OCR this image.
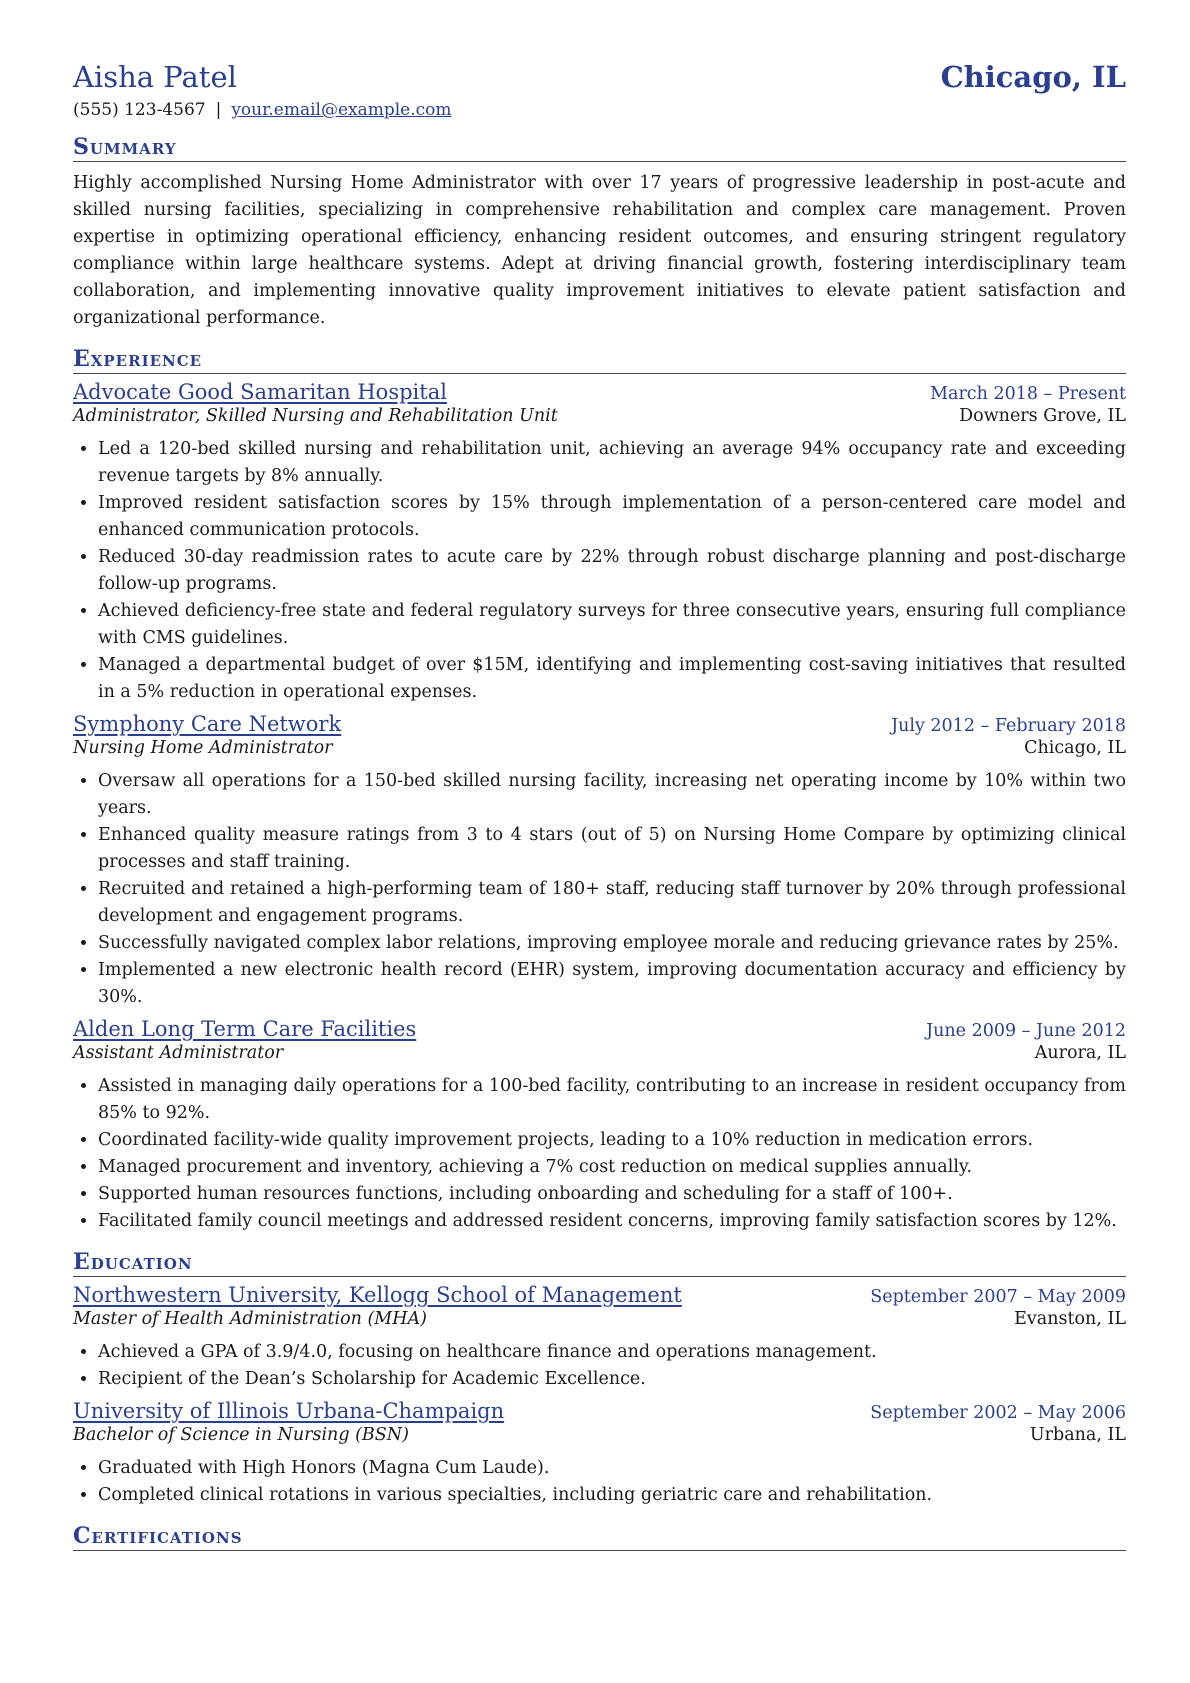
Aisha Patel	Chicago, IL
(555) 123-4567 | your.email@example.com
Summary
Highly accomplished Nursing Home Administrator with over 17 years of progressive leadership in post-acute and skilled nursing facilities, specializing in comprehensive rehabilitation and complex care management. Proven expertise in optimizing operational efficiency, enhancing resident outcomes, and ensuring stringent regulatory compliance within large healthcare systems. Adept at driving financial growth, fostering interdisciplinary team collaboration, and implementing innovative quality improvement initiatives to elevate patient satisfaction and organizational performance.
Experience
Advocate Good Samaritan Hospital	March 2018 – Present
Administrator, Skilled Nursing and Rehabilitation Unit	Downers Grove, IL
• Led a 120-bed skilled nursing and rehabilitation unit, achieving an average 94% occupancy rate and exceeding revenue targets by 8% annually.
• Improved resident satisfaction scores by 15% through implementation of a person-centered care model and enhanced communication protocols.
• Reduced 30-day readmission rates to acute care by 22% through robust discharge planning and post-discharge follow-up programs.
• Achieved deficiency-free state and federal regulatory surveys for three consecutive years, ensuring full compliance with CMS guidelines.
• Managed a departmental budget of over $15M, identifying and implementing cost-saving initiatives that resulted in a 5% reduction in operational expenses.
Symphony Care Network	July 2012 – February 2018
Nursing Home Administrator	Chicago, IL
• Oversaw all operations for a 150-bed skilled nursing facility, increasing net operating income by 10% within two years.
• Enhanced quality measure ratings from 3 to 4 stars (out of 5) on Nursing Home Compare by optimizing clinical processes and staff training.
• Recruited and retained a high-performing team of 180+ staff, reducing staff turnover by 20% through professional development and engagement programs.
• Successfully navigated complex labor relations, improving employee morale and reducing grievance rates by 25%.
• Implemented a new electronic health record (EHR) system, improving documentation accuracy and efficiency by 30%.
Alden Long Term Care Facilities	June 2009 – June 2012
Assistant Administrator	Aurora, IL
• Assisted in managing daily operations for a 100-bed facility, contributing to an increase in resident occupancy from 85% to 92%.
• Coordinated facility-wide quality improvement projects, leading to a 10% reduction in medication errors.
• Managed procurement and inventory, achieving a 7% cost reduction on medical supplies annually.
• Supported human resources functions, including onboarding and scheduling for a staff of 100+.
• Facilitated family council meetings and addressed resident concerns, improving family satisfaction scores by 12%.
Education
Northwestern University, Kellogg School of Management	September 2007 – May 2009
Master of Health Administration (MHA)	Evanston, IL
• Achieved a GPA of 3.9/4.0, focusing on healthcare finance and operations management.
• Recipient of the Dean’s Scholarship for Academic Excellence.
University of Illinois Urbana-Champaign	September 2002 – May 2006
Bachelor of Science in Nursing (BSN)	Urbana, IL
• Graduated with High Honors (Magna Cum Laude).
• Completed clinical rotations in various specialties, including geriatric care and rehabilitation.
Certifications
